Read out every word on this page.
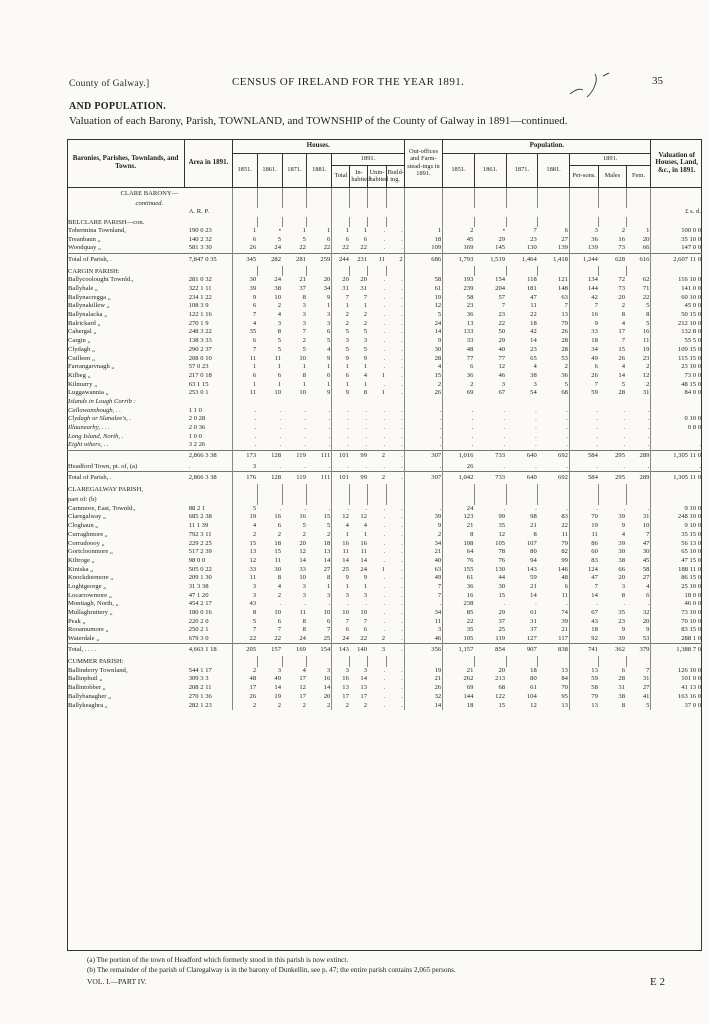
County of Galway.]	CENSUS OF IRELAND FOR THE YEAR 1891.	35
AND POPULATION.
Valuation of each Barony, Parish, TOWNLAND, and TOWNSHIP of the County of Galway in 1891—continued.
Baronies, Parishes, Townlands, and Towns.	Area in 1891.	Houses.								Out-offices and Farm-stead-ings in 1891.	Population.							Valuation of Houses, Land, &c., in 1891.
		1851.	1861.	1871.	1881.	1891.					1851.	1861.	1871.	1881.	1891.			
						Total	In-habited	Unin-habited	Build-ing.						Per-sons.	Males	Fem.	
CLARE BARONY—																		
continued.																		
	A. R. P.																	£ s. d.
BELCLARE PARISH—con.																		
Tobermina Townland,	190 0 23	1	•	1	1	1	1	.	.	1	2	•	7	6	3	2	1	100 0 0
Treanbaun „	140 2 32	6	5	5	6	6	6	.	.	18	45	29	23	27	36	16	20	35 10 0
Woodquay „	581 3 30	26	24	22	22	22	22	.	.	109	169	145	130	139	139	73	66	147 0 0
Total of Parish, .	7,847 0 35	345	282	281	259	244	231	11	2	686	1,793	1,519	1,464	1,418	1,244	628	616	2,607 11 0
CARGIN PARISH:																		
Ballycoolought Townld.,	281 0 32	30	24	21	20	20	20	.	.	58	193	154	118	121	134	72	62	116 10 0
Ballyhale „	322 1 11	39	38	37	34	31	31	.	.	61	239	204	181	148	144	73	71	141 0 0
Ballynacregga „	234 1 22	9	10	8	9	7	7	.	.	19	58	57	47	63	42	20	22	60 10 0
Ballynakillew „	108 3 9	6	2	3	1	1	1	.	.	12	23	7	11	7	7	2	5	45 0 0
Ballynalacka „	122 1 16	7	4	3	3	2	2	.	.	5	36	23	22	13	16	8	8	50 15 0
Balrickard „	270 1 9	4	3	3	3	2	2	.	.	24	13	22	18	79	9	4	5	212 10 0
Cahergal „	248 3 22	35	8	7	6	5	5	.	.	14	133	50	42	26	33	17	16	132 8 0
Cargin „	138 3 33	6	5	2	5	3	3	.	.	9	33	29	14	28	18	7	11	55 5 0
Clydagh „	290 2 37	7	5	5	4	5	5	.	.	30	48	40	23	28	34	15	19	109 15 0
Cuilleen „	208 0 10	11	11	10	9	9	9	.	.	28	77	77	65	53	49	26	23	115 15 0
Farrangarvnagh „	57 0 23	1	1	1	1	1	1	.	.	4	6	12	4	2	6	4	2	23 10 0
Kilbeg „	217 0 18	6	6	8	6	6	4	1	.	15	36	46	38	36	26	14	12	73 0 0
Kilmurry „	63 1 15	1	1	1	1	1	1	.	.	2	2	3	3	5	7	5	2	48 15 0
Luggawannia „	253 0 1	11	10	10	9	9	8	1	.	26	69	67	54	68	59	28	31	84 0 0
Islands in Lough Corrib :																		
Callowanshough, . .	1 1 0	.	.	.	.	.	.	.	.	.	.	.	.	.	.	.	.	
Clydagh or Slanalee's, .	2 0 28	.	.	.	.	.	.	.	.	.	.	.	.	.	.	.	.	0 10 0
Illaunearhy, . . .	2 0 36	.	.	.	.	.	.	.	.	.	.	.	.	.	.	.	.	0 8 0
Long Island, North, .	1 0 0	.	.	.	.	.	.	.	.	.	.	.	.	.	.	.	.	
Eight others, . .	3 2 26	.	.	.	.	.	.	.	.	.	.	.	.	.	.	.	.	.
	2,866 3 38	173	128	119	111	101	99	2	.	307	1,016	733	640	692	584	295	289	1,305 11 0
Headford Town, pt. of, (a)	.	3	.	.	.	.	.	.	.	.	26	.	.	.	.	.	.	.
Total of Parish, .	2,866 3 38	176	128	119	111	101	99	2	.	307	1,042	733	640	692	584	295	289	1,305 11 0
CLAREGALWAY PARISH,																		
part of: (b)																		
Carnmore, East, Townld.,	88 2 1	5	.	.	.	.	.	.	.	.	24	.	.	.	.	.	.	9 10 0
Claregalway „	685 2 38	19	16	16	15	12	12	.	.	39	123	99	98	83	70	39	31	248 10 0
Cloghaun „	11 1 39	4	6	5	5	4	4	.	.	9	21	35	21	22	19	9	10	9 10 0
Curraghmore „	792 3 11	2	2	2	2	1	1	.	.	2	8	12	8	11	11	4	7	35 15 0
Corrudoooy „	229 2 25	15	18	20	18	16	16	.	.	34	108	105	107	79	86	39	47	56 13 0
Gortcloonmore „	517 2 39	13	15	12	13	11	11	.	.	21	64	78	80	82	60	30	30	65 10 0
Kiltroge „	98 0 0	12	11	14	14	14	14	.	.	40	76	76	94	99	83	38	45	47 15 0
Kiniska „	505 0 22	33	30	33	27	25	24	1	.	63	155	130	143	146	124	66	58	188 11 0
Knockdoemore „	209 1 30	11	8	10	8	9	9	.	.	49	61	44	59	48	47	20	27	86 15 0
Loghtgeorge „	31 3 38	3	4	3	1	1	1	.	.	7	36	30	21	6	7	3	4	25 10 0
Locarrowmore „	47 1 20	3	2	3	3	3	3	.	.	7	16	15	14	11	14	8	6	18 0 0
Montiagh, North, „	454 2 17	43	.	.	.	.	.	.	.	.	238	.	.	.	.	.	.	46 0 0
Mullaghruttery „	180 0 16	8	10	11	10	10	10	.	.	34	85	29	61	74	67	35	32	73 10 0
Peak „	220 2 0	5	6	8	6	7	7	.	.	11	22	37	31	39	43	23	20	70 10 0
Rooamumore „	250 2 1	7	7	8	7	6	6	.	.	3	35	25	37	21	18	9	9	83 15 0
Waterdale „	679 3 0	22	22	24	25	24	22	2	.	46	105	119	127	117	92	39	53	288 1 0
Total, . . . .	4,663 1 18	205	157	169	154	143	140	3	.	356	1,157	854	907	838	741	362	379	1,388 7 0
CUMMER PARISH:																		
Ballinderry Townland,	544 1 17	2	3	4	3	3	3	.	.	19	21	20	18	13	13	6	7	126 10 0
Ballinphuil „	309 3 3	48	49	17	16	16	14	.	.	21	262	213	80	84	59	28	31	101 0 0
Ballintobber „	208 2 11	17	14	12	14	13	13	.	.	26	69	68	61	70	58	31	27	41 13 0
Ballybanagher „	270 1 36	26	19	17	20	17	17	.	.	32	144	122	104	95	79	38	41	163 16 0
Ballykeaghra „	282 1 23	2	2	2	2	2	2	.	.	14	18	15	12	13	13	8	5	37 0 0
(a) The portion of the town of Headford which formerly stood in this parish is now extinct.
(b) The remainder of the parish of Claregalway is in the barony of Dunkellin, see p. 47; the entire parish contains 2,065 persons.
VOL. I.—PART IV.	E 2
